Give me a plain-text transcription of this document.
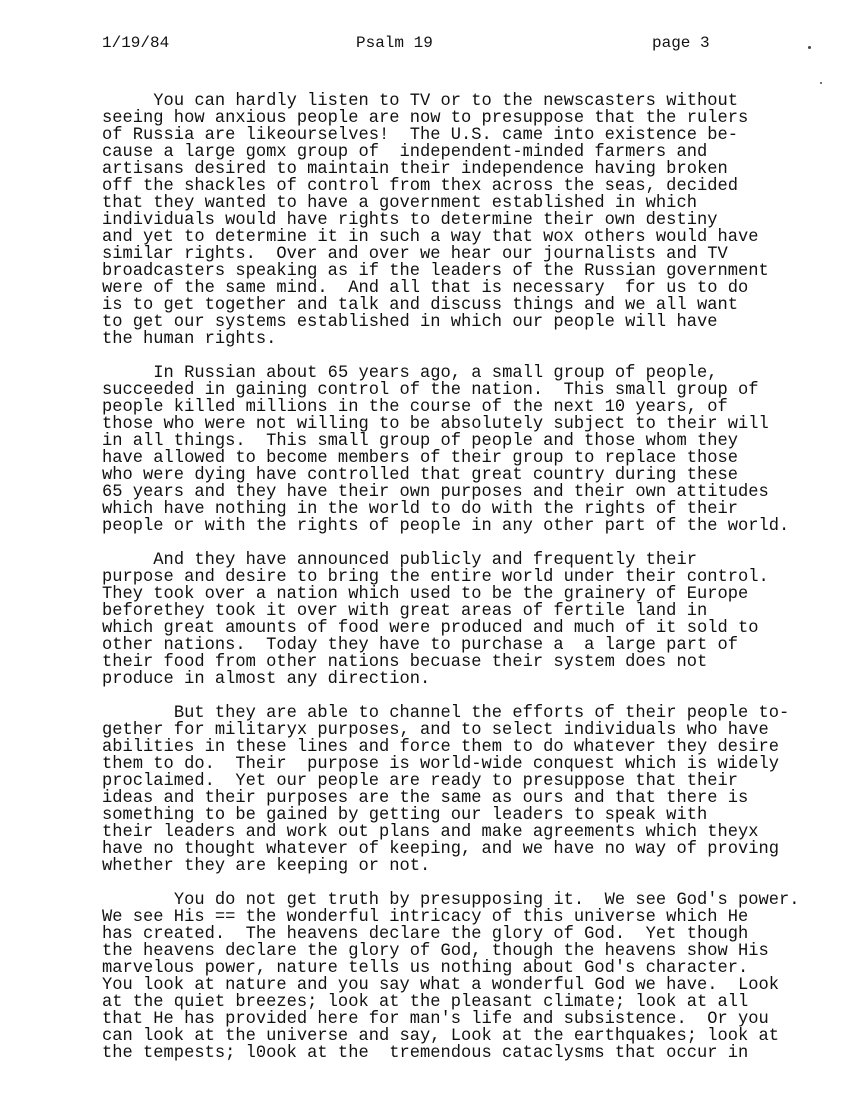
1/19/84	Psalm 19	page 3
You can hardly listen to TV or to the newscasters without
seeing how anxious people are now to presuppose that the rulers
of Russia are likeourselves!  The U.S. came into existence be-
cause a large gomx group of  independent-minded farmers and
artisans desired to maintain their independence having broken
off the shackles of control from thex across the seas, decided
that they wanted to have a government established in which
individuals would have rights to determine their own destiny
and yet to determine it in such a way that wox others would have
similar rights.  Over and over we hear our journalists and TV
broadcasters speaking as if the leaders of the Russian government
were of the same mind.  And all that is necessary  for us to do
is to get together and talk and discuss things and we all want
to get our systems established in which our people will have
the human rights.
In Russian about 65 years ago, a small group of people,
succeeded in gaining control of the nation.  This small group of
people killed millions in the course of the next 10 years, of
those who were not willing to be absolutely subject to their will
in all things.  This small group of people and those whom they
have allowed to become members of their group to replace those
who were dying have controlled that great country during these
65 years and they have their own purposes and their own attitudes
which have nothing in the world to do with the rights of their
people or with the rights of people in any other part of the world.
And they have announced publicly and frequently their
purpose and desire to bring the entire world under their control.
They took over a nation which used to be the grainery of Europe
beforethey took it over with great areas of fertile land in
which great amounts of food were produced and much of it sold to
other nations.  Today they have to purchase a  a large part of
their food from other nations becuase their system does not
produce in almost any direction.
But they are able to channel the efforts of their people to-
gether for militaryx purposes, and to select individuals who have
abilities in these lines and force them to do whatever they desire
them to do.  Their  purpose is world-wide conquest which is widely
proclaimed.  Yet our people are ready to presuppose that their
ideas and their purposes are the same as ours and that there is
something to be gained by getting our leaders to speak with
their leaders and work out plans and make agreements which theyx
have no thought whatever of keeping, and we have no way of proving
whether they are keeping or not.
You do not get truth by presupposing it.  We see God's power.
We see His == the wonderful intricacy of this universe which He
has created.  The heavens declare the glory of God.  Yet though
the heavens declare the glory of God, though the heavens show His
marvelous power, nature tells us nothing about God's character.
You look at nature and you say what a wonderful God we have.  Look
at the quiet breezes; look at the pleasant climate; look at all
that He has provided here for man's life and subsistence.  Or you
can look at the universe and say, Look at the earthquakes; look at
the tempests; l0ook at the  tremendous cataclysms that occur in
